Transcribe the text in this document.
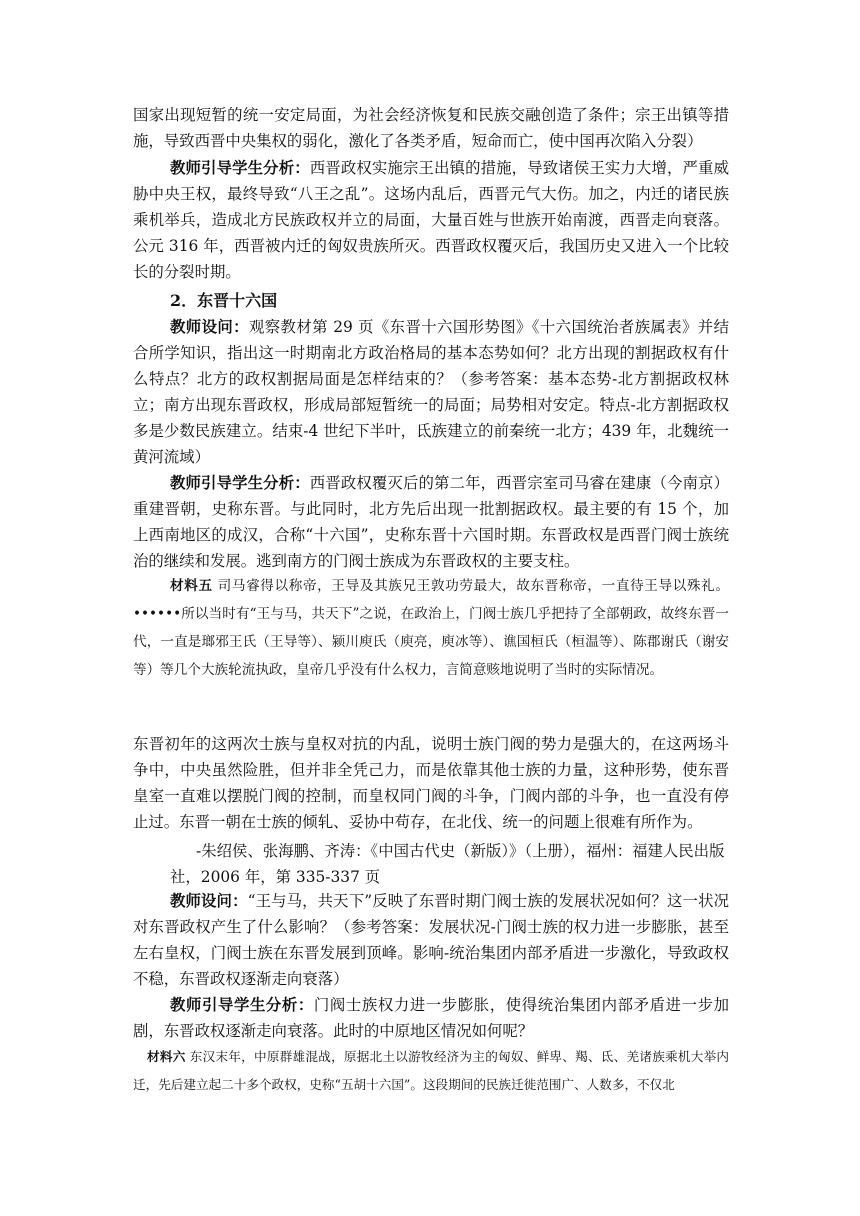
国家出现短暂的统一安定局面，为社会经济恢复和民族交融创造了条件；宗王出镇等措施，导致西晋中央集权的弱化，激化了各类矛盾，短命而亡，使中国再次陷入分裂）

教师引导学生分析：西晋政权实施宗王出镇的措施，导致诸侯王实力大增，严重威胁中央王权，最终导致“八王之乱”。这场内乱后，西晋元气大伤。加之，内迁的诸民族乘机举兵，造成北方民族政权并立的局面，大量百姓与世族开始南渡，西晋走向衰落。公元 316 年，西晋被内迁的匈奴贵族所灭。西晋政权覆灭后，我国历史又进入一个比较长的分裂时期。

2．东晋十六国

教师设问：观察教材第 29 页《东晋十六国形势图》《十六国统治者族属表》并结合所学知识，指出这一时期南北方政治格局的基本态势如何？北方出现的割据政权有什么特点？北方的政权割据局面是怎样结束的？（参考答案：基本态势-北方割据政权林立；南方出现东晋政权，形成局部短暂统一的局面；局势相对安定。特点-北方割据政权多是少数民族建立。结束-4 世纪下半叶，氐族建立的前秦统一北方；439 年，北魏统一黄河流域）

教师引导学生分析：西晋政权覆灭后的第二年，西晋宗室司马睿在建康（今南京）重建晋朝，史称东晋。与此同时，北方先后出现一批割据政权。最主要的有 15 个，加上西南地区的成汉，合称“十六国”，史称东晋十六国时期。东晋政权是西晋门阀士族统治的继续和发展。逃到南方的门阀士族成为东晋政权的主要支柱。

材料五 司马睿得以称帝，王导及其族兄王敦功劳最大，故东晋称帝，一直待王导以殊礼。••••••所以当时有“王与马，共天下”之说，在政治上，门阀士族几乎把持了全部朝政，故终东晋一代，一直是瑯邪王氏（王导等）、颍川庾氏（庾亮，庾冰等）、谯国桓氏（桓温等）、陈郡谢氏（谢安等）等几个大族轮流执政，皇帝几乎没有什么权力，言简意赅地说明了当时的实际情况。

东晋初年的这两次士族与皇权对抗的内乱，说明士族门阀的势力是强大的，在这两场斗争中，中央虽然险胜，但并非全凭己力，而是依靠其他士族的力量，这种形势，使东晋皇室一直难以摆脱门阀的控制，而皇权同门阀的斗争，门阀内部的斗争，也一直没有停止过。东晋一朝在士族的倾轧、妥协中苟存，在北伐、统一的问题上很难有所作为。

-朱绍侯、张海鹏、齐涛：《中国古代史（新版）》（上册），福州：福建人民出版社，2006 年，第 335-337 页

教师设问：“王与马，共天下”反映了东晋时期门阀士族的发展状况如何？这一状况对东晋政权产生了什么影响？（参考答案：发展状况-门阀士族的权力进一步膨胀，甚至左右皇权，门阀士族在东晋发展到顶峰。影响-统治集团内部矛盾进一步激化，导致政权不稳，东晋政权逐渐走向衰落）

教师引导学生分析：门阀士族权力进一步膨胀，使得统治集团内部矛盾进一步加剧，东晋政权逐渐走向衰落。此时的中原地区情况如何呢？

材料六 东汉末年，中原群雄混战，原据北土以游牧经济为主的匈奴、鲜卑、羯、氐、羌诸族乘机大举内迁，先后建立起二十多个政权，史称“五胡十六国”。这段期间的民族迁徙范围广、人数多，不仅北
